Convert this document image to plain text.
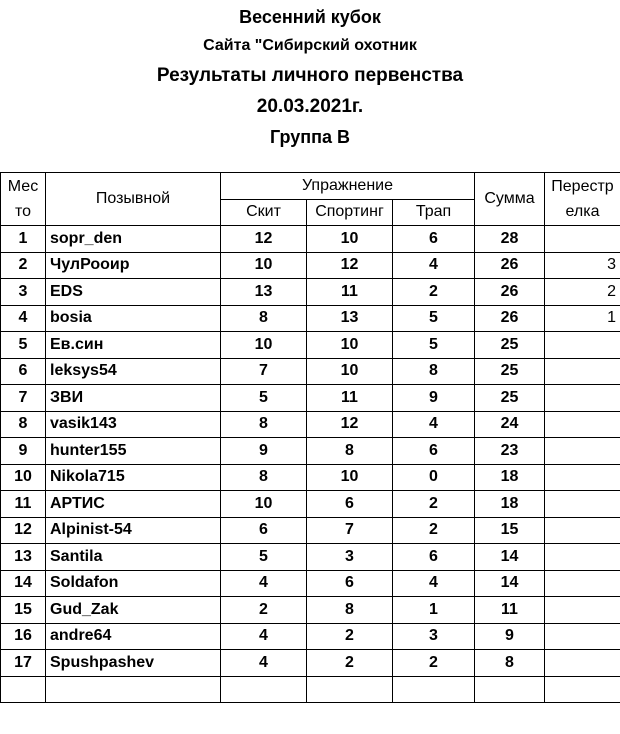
Весенний кубок
Сайта "Сибирский охотник
Результаты личного первенства
20.03.2021г.
Группа В
Мес
то	Позывной	Упражнение			Сумма	Перестр
елка
		Скит	Спортинг	Трап		
1	sopr_den	12	10	6	28	
2	ЧулРооир	10	12	4	26	3
3	EDS	13	11	2	26	2
4	bosia	8	13	5	26	1
5	Ев.син	10	10	5	25	
6	leksys54	7	10	8	25	
7	ЗВИ	5	11	9	25	
8	vasik143	8	12	4	24	
9	hunter155	9	8	6	23	
10	Nikola715	8	10	0	18	
11	АРТИС	10	6	2	18	
12	Alpinist-54	6	7	2	15	
13	Santila	5	3	6	14	
14	Soldafon	4	6	4	14	
15	Gud_Zak	2	8	1	11	
16	andre64	4	2	3	9	
17	Spushpashev	4	2	2	8	
